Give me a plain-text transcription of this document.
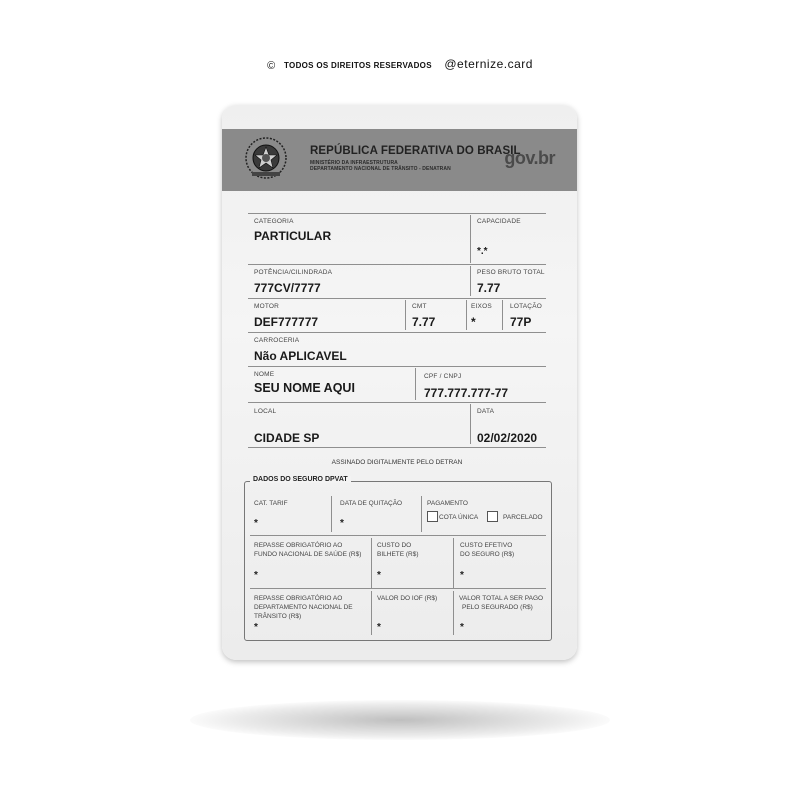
© TODOS OS DIREITOS RESERVADOS @eternize.card
REPÚBLICA FEDERATIVA DO BRASIL
MINISTÉRIO DA INFRAESTRUTURA
DEPARTAMENTO NACIONAL DE TRÂNSITO - DENATRAN
gov.br
CATEGORIA
PARTICULAR
CAPACIDADE
*.*
POTÊNCIA/CILINDRADA
777CV/7777
PESO BRUTO TOTAL
7.77
MOTOR
DEF777777
CMT
7.77
EIXOS
*
LOTAÇÃO
77P
CARROCERIA
Não APLICAVEL
NOME
SEU NOME AQUI
CPF / CNPJ
777.777.777-77
LOCAL
CIDADE SP
DATA
02/02/2020
ASSINADO DIGITALMENTE PELO DETRAN
DADOS DO SEGURO DPVAT
CAT. TARIF
*
DATA DE QUITAÇÃO
*
PAGAMENTO
COTA ÚNICA	PARCELADO
REPASSE OBRIGATÓRIO AO
FUNDO NACIONAL DE SAÚDE (R$)
*
CUSTO DO
BILHETE (R$)
*
CUSTO EFETIVO
DO SEGURO (R$)
*
REPASSE OBRIGATÓRIO AO
DEPARTAMENTO NACIONAL DE
TRÂNSITO (R$)
*
VALOR DO IOF (R$)
*
VALOR TOTAL A SER PAGO
PELO SEGURADO (R$)
*
